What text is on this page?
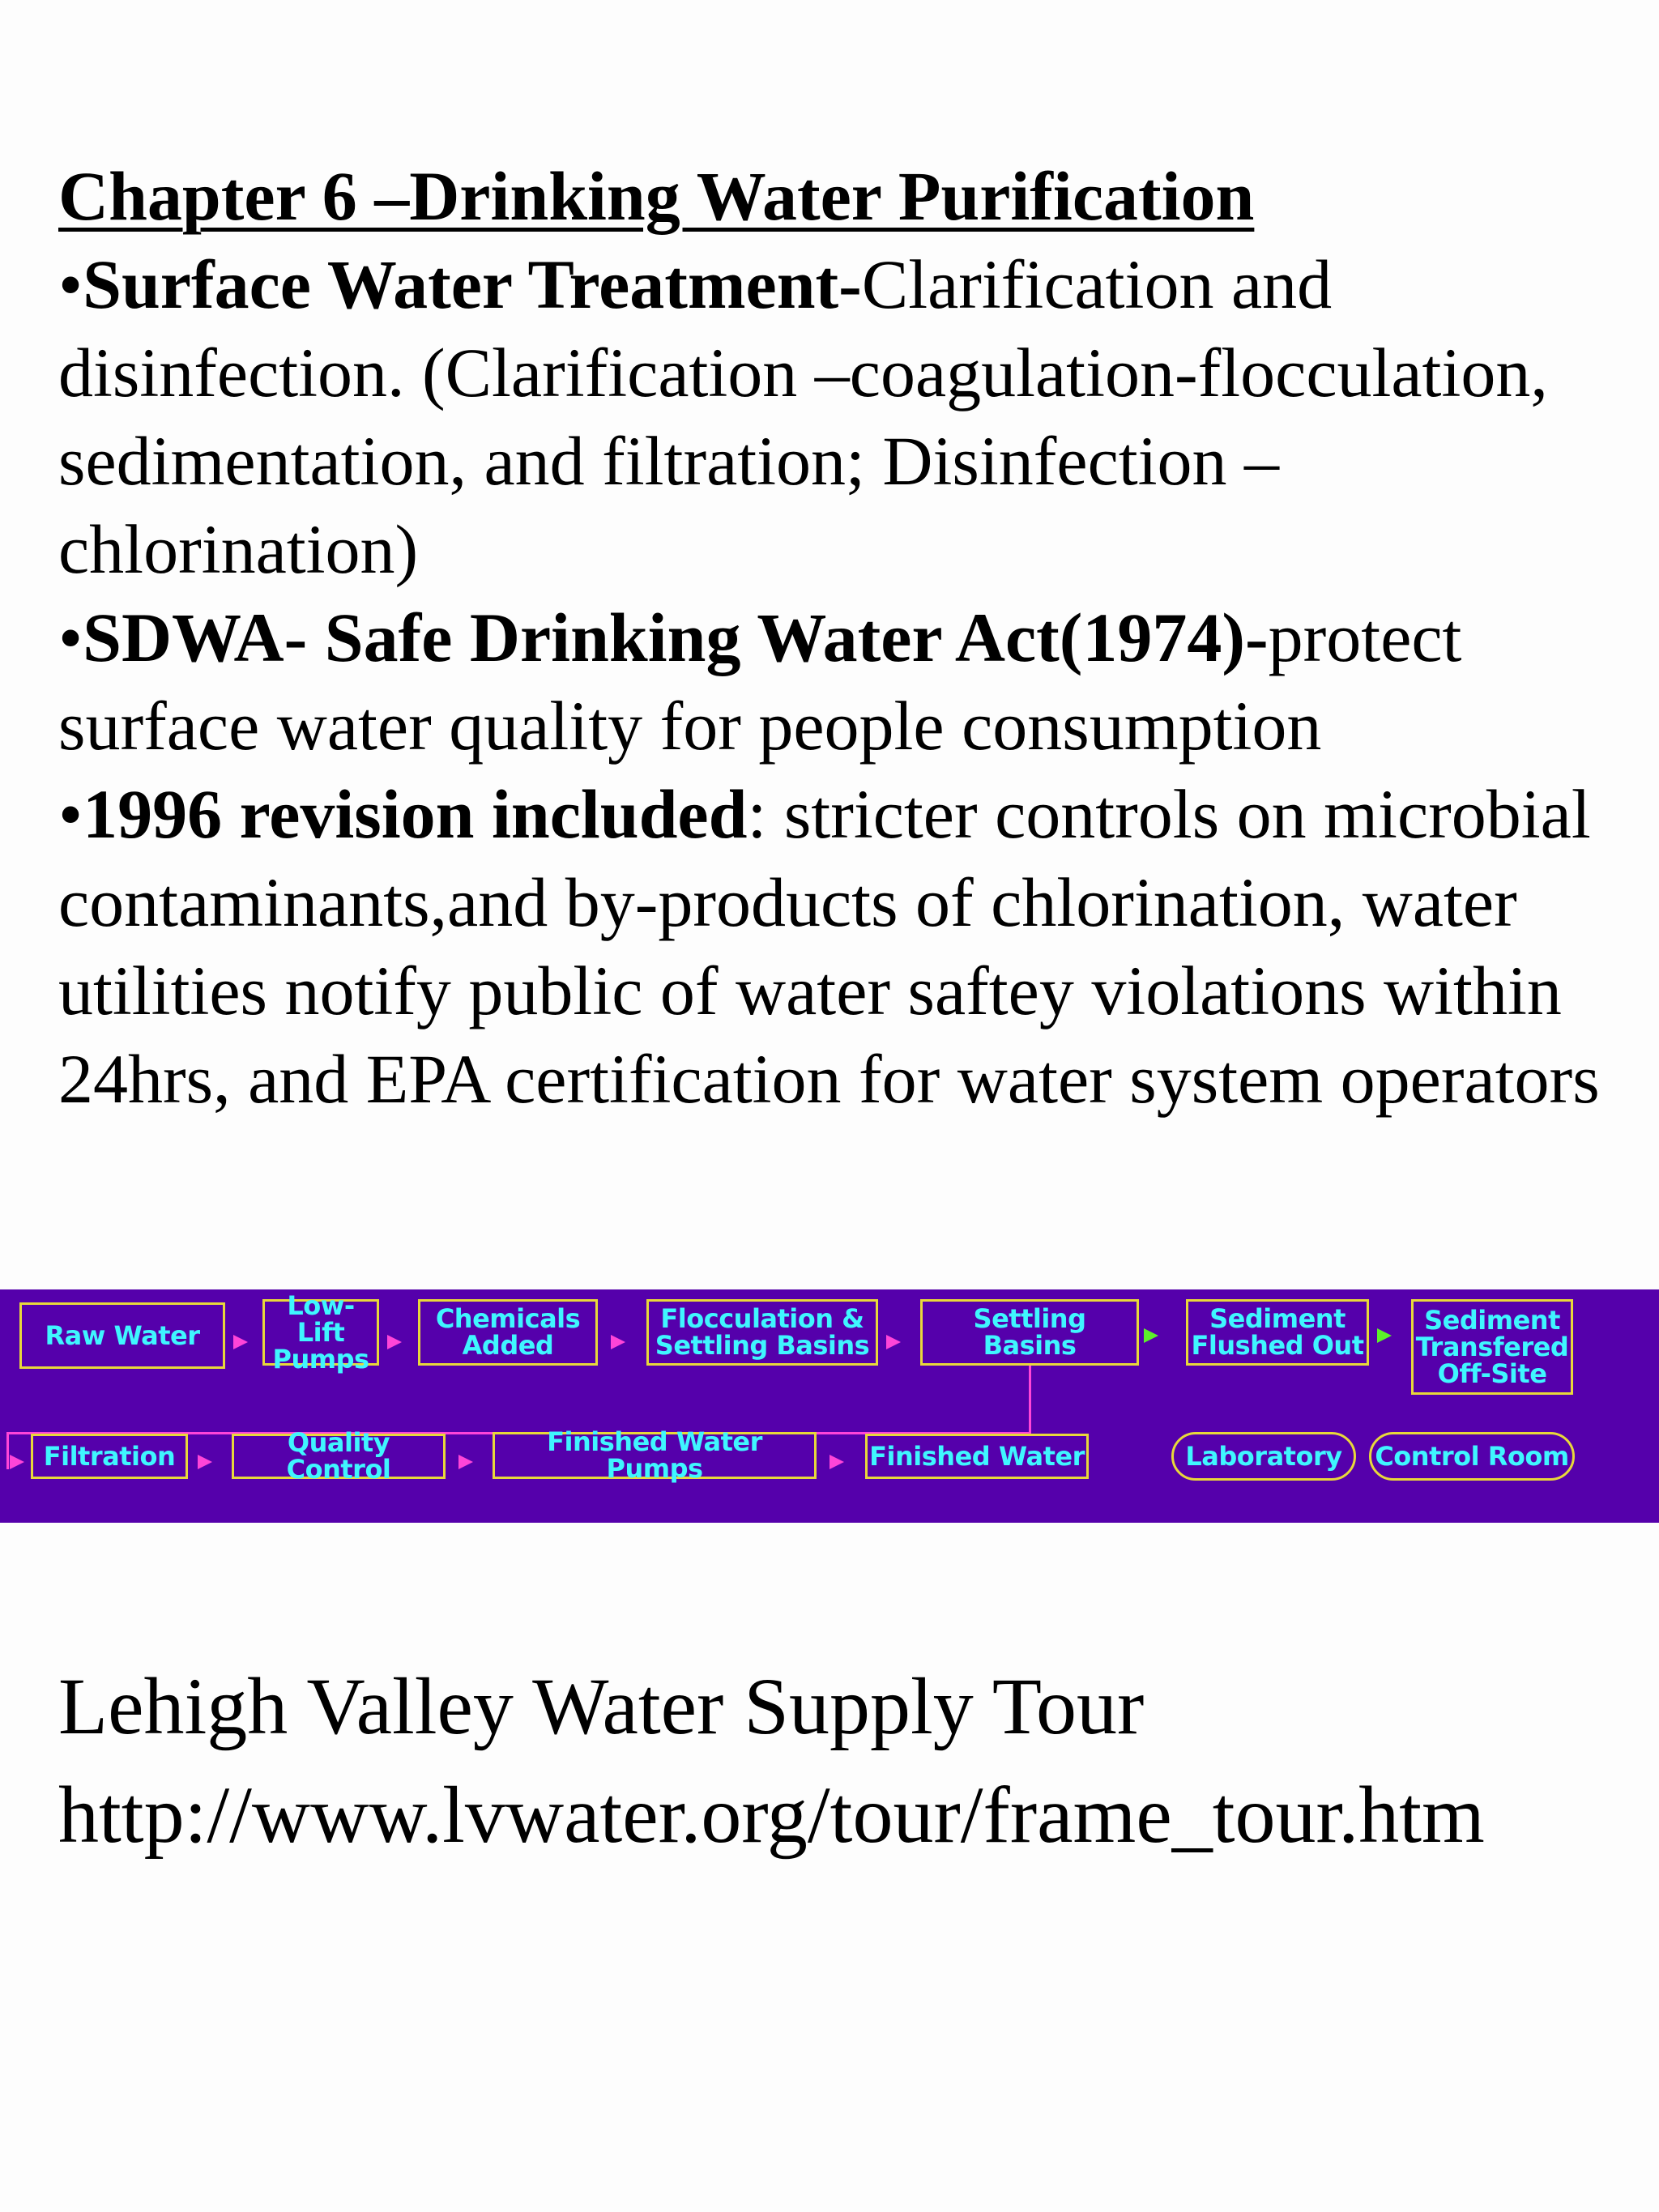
Chapter 6 –Drinking Water Purification
•Surface Water Treatment-Clarification and disinfection. (Clarification –coagulation-flocculation, sedimentation, and filtration; Disinfection – chlorination)
•SDWA- Safe Drinking Water Act(1974)-protect surface water quality for people consumption
•1996 revision included: stricter controls on microbial contaminants,and by-products of chlorination, water utilities notify public of water saftey violations within 24hrs, and EPA certification for water system operators
Raw Water
Low-Lift
Pumps
Chemicals
Added
Flocculation &
Settling Basins
Settling Basins
Sediment
Flushed Out
Sediment
Transfered
Off-Site
Filtration	Quality Control
Finished Water Pumps	Finished Water	Laboratory	Control Room
Lehigh Valley Water Supply Tour
http://www.lvwater.org/tour/frame_tour.htm
